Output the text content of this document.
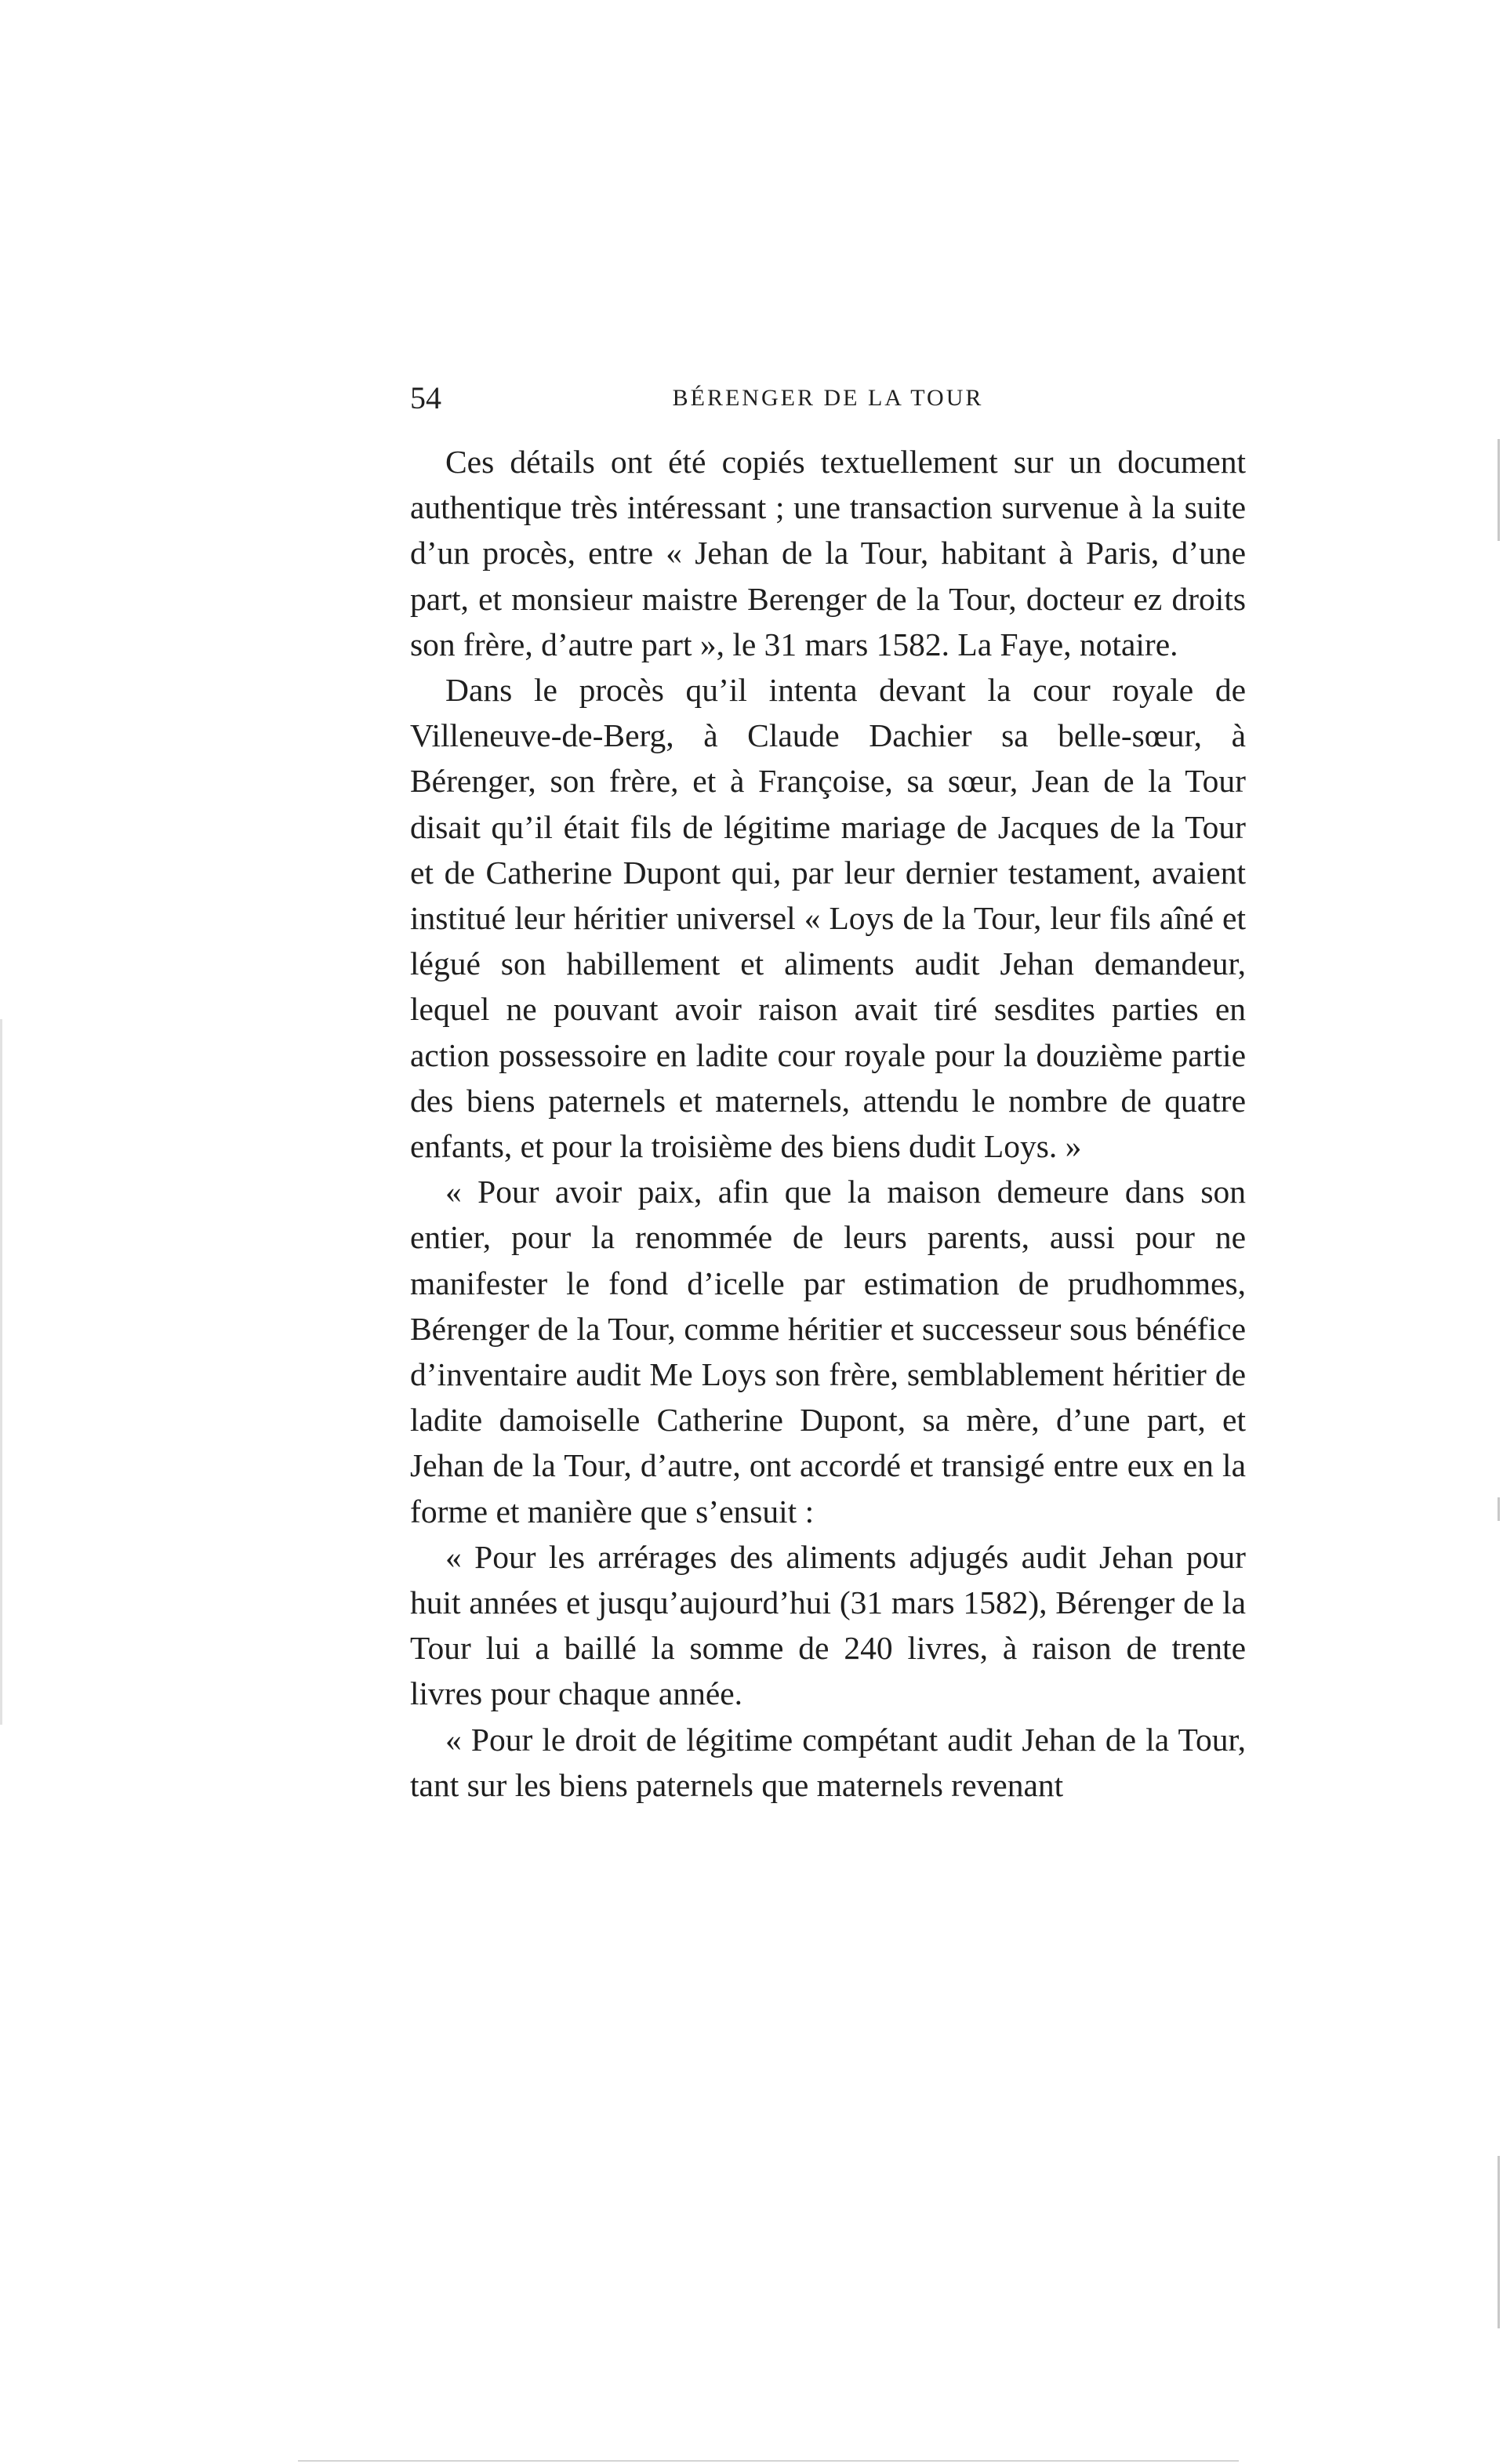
54	BÉRENGER DE LA TOUR

Ces détails ont été copiés textuellement sur un document authentique très intéressant ; une transaction survenue à la suite d’un procès, entre « Jehan de la Tour, habitant à Paris, d’une part, et monsieur maistre Berenger de la Tour, docteur ez droits son frère, d’autre part », le 31 mars 1582. La Faye, notaire.

Dans le procès qu’il intenta devant la cour royale de Villeneuve-de-Berg, à Claude Dachier sa belle-sœur, à Bérenger, son frère, et à Françoise, sa sœur, Jean de la Tour disait qu’il était fils de légitime mariage de Jacques de la Tour et de Catherine Dupont qui, par leur dernier testament, avaient institué leur héritier universel « Loys de la Tour, leur fils aîné et légué son habillement et aliments audit Jehan demandeur, lequel ne pouvant avoir raison avait tiré sesdites parties en action possessoire en ladite cour royale pour la douzième partie des biens paternels et maternels, attendu le nombre de quatre enfants, et pour la troisième des biens dudit Loys. »

« Pour avoir paix, afin que la maison demeure dans son entier, pour la renommée de leurs parents, aussi pour ne manifester le fond d’icelle par estimation de prudhommes, Bérenger de la Tour, comme héritier et successeur sous bénéfice d’inventaire audit Me Loys son frère, semblablement héritier de ladite damoiselle Catherine Dupont, sa mère, d’une part, et Jehan de la Tour, d’autre, ont accordé et transigé entre eux en la forme et manière que s’ensuit :

« Pour les arrérages des aliments adjugés audit Jehan pour huit années et jusqu’aujourd’hui (31 mars 1582), Bérenger de la Tour lui a baillé la somme de 240 livres, à raison de trente livres pour chaque année.

« Pour le droit de légitime compétant audit Jehan de la Tour, tant sur les biens paternels que maternels revenant
